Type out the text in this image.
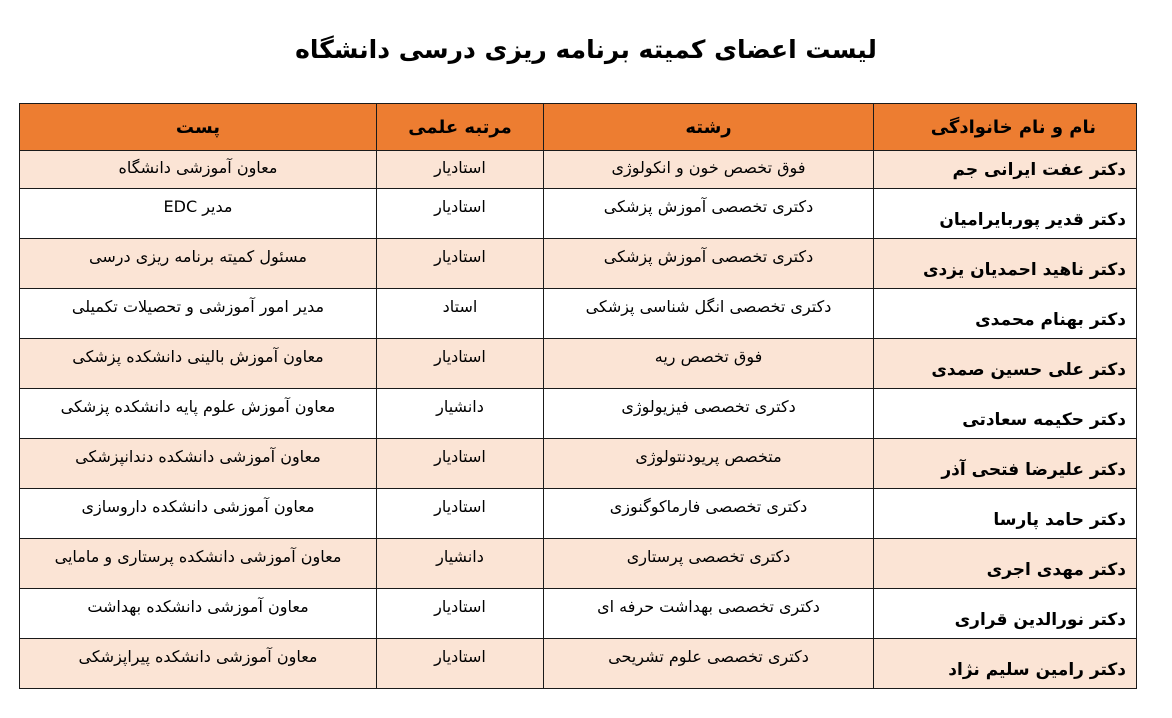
لیست اعضای کمیته برنامه ریزی درسی دانشگاه
نام و نام خانوادگی	رشته	مرتبه علمی	پست
دکتر عفت ایرانی جم	فوق تخصص خون و انکولوژی	استادیار	معاون آموزشی دانشگاه
دکتر قدیر پوربایرامیان	دکتری تخصصی آموزش پزشکی	استادیار	مدیر EDC
دکتر ناهید احمدیان یزدی	دکتری تخصصی آموزش پزشکی	استادیار	مسئول کمیته برنامه ریزی درسی
دکتر بهنام محمدی	دکتری تخصصی انگل شناسی پزشکی	استاد	مدیر امور آموزشی و تحصیلات تکمیلی
دکتر علی حسین صمدی	فوق تخصص ریه	استادیار	معاون آموزش بالینی دانشکده پزشکی
دکتر حکیمه سعادتی	دکتری تخصصی فیزیولوژی	دانشیار	معاون آموزش علوم پایه دانشکده پزشکی
دکتر علیرضا فتحی آذر	متخصص پریودنتولوژی	استادیار	معاون آموزشی دانشکده دندانپزشکی
دکتر حامد پارسا	دکتری تخصصی فارماکوگنوزی	استادیار	معاون آموزشی دانشکده داروسازی
دکتر مهدی اجری	دکتری تخصصی پرستاری	دانشیار	معاون آموزشی دانشکده پرستاری و مامایی
دکتر نورالدین قراری	دکتری تخصصی بهداشت حرفه ای	استادیار	معاون آموزشی دانشکده بهداشت
دکتر رامین سلیم نژاد	دکتری تخصصی علوم تشریحی	استادیار	معاون آموزشی دانشکده پیراپزشکی
